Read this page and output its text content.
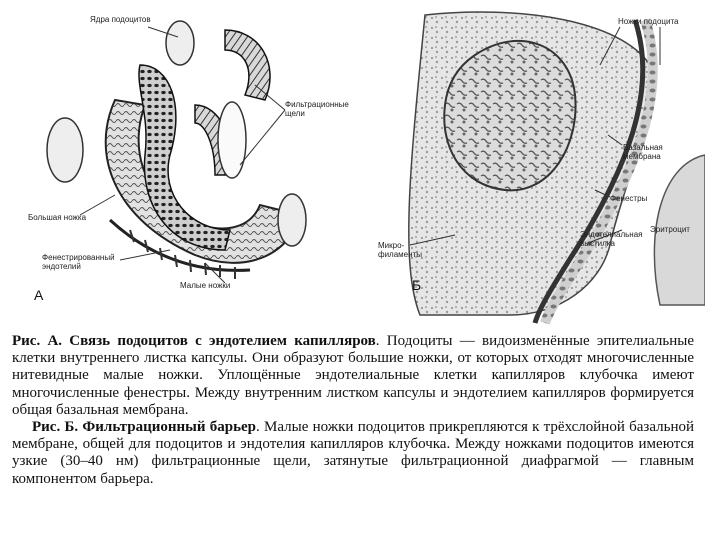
Ядра подоцитов
Фильтрационные
щели
Большая ножка
Фенестрированный
эндотелий
Малые ножки
А
Ножки подоцита
Базальная
мембрана
Фенестры
Микро-
филаменты
Эндотелиальная
выстилка
Эритроцит
Б

Рис. А. Связь подоцитов с эндотелием капилляров. Подоциты — видоизменённые эпителиальные клетки внутреннего листка капсулы. Они образуют большие ножки, от которых отходят многочисленные нитевидные малые ножки. Уплощённые эндотелиальные клетки капилляров клубочка имеют многочисленные фенестры. Между внутренним листком капсулы и эндотелием капилляров формируется общая базальная мембрана.

Рис. Б. Фильтрационный барьер. Малые ножки подоцитов прикрепляются к трёхслойной базальной мембране, общей для подоцитов и эндотелия капилляров клубочка. Между ножками подоцитов имеются узкие (30–40 нм) фильтрационные щели, затянутые фильтрационной диафрагмой — главным компонентом барьера.
